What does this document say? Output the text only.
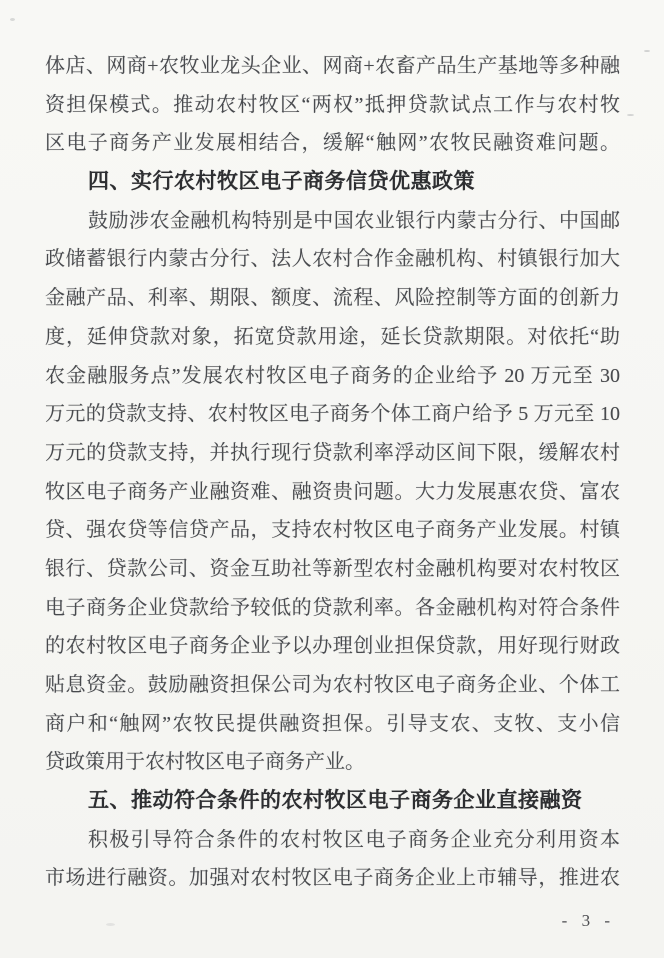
体店、网商+农牧业龙头企业、网商+农畜产品生产基地等多种融
资担保模式。推动农村牧区“两权”抵押贷款试点工作与农村牧
区电子商务产业发展相结合，缓解“触网”农牧民融资难问题。
四、实行农村牧区电子商务信贷优惠政策
鼓励涉农金融机构特别是中国农业银行内蒙古分行、中国邮
政储蓄银行内蒙古分行、法人农村合作金融机构、村镇银行加大
金融产品、利率、期限、额度、流程、风险控制等方面的创新力
度，延伸贷款对象，拓宽贷款用途，延长贷款期限。对依托“助
农金融服务点”发展农村牧区电子商务的企业给予 20 万元至 30
万元的贷款支持、农村牧区电子商务个体工商户给予 5 万元至 10
万元的贷款支持，并执行现行贷款利率浮动区间下限，缓解农村
牧区电子商务产业融资难、融资贵问题。大力发展惠农贷、富农
贷、强农贷等信贷产品，支持农村牧区电子商务产业发展。村镇
银行、贷款公司、资金互助社等新型农村金融机构要对农村牧区
电子商务企业贷款给予较低的贷款利率。各金融机构对符合条件
的农村牧区电子商务企业予以办理创业担保贷款，用好现行财政
贴息资金。鼓励融资担保公司为农村牧区电子商务企业、个体工
商户和“触网”农牧民提供融资担保。引导支农、支牧、支小信
贷政策用于农村牧区电子商务产业。
五、推动符合条件的农村牧区电子商务企业直接融资
积极引导符合条件的农村牧区电子商务企业充分利用资本
市场进行融资。加强对农村牧区电子商务企业上市辅导，推进农
- 3 -
